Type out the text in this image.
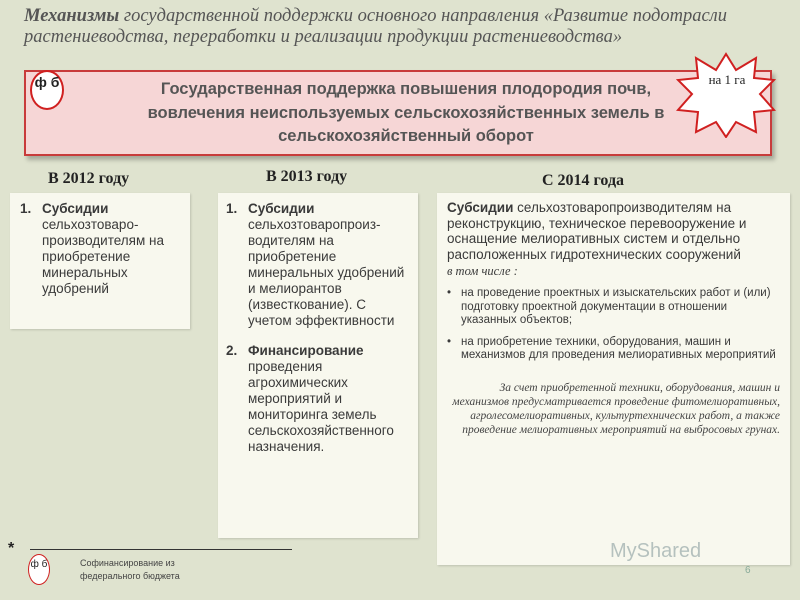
Механизмы государственной поддержки основного направления «Развитие подотрасли растениеводства, переработки и реализации продукции растениеводства»
Государственная поддержка повышения плодородия почв, вовлечения неиспользуемых сельскохозяйственных земель в сельскохозяйственный оборот
ф б	на 1 га
В 2012 году	В 2013 году	С 2014 года
1. Субсидии сельхозтоваро-производителям на приобретение минеральных удобрений
1. Субсидии сельхозтоваропроиз-водителям на приобретение минеральных удобрений и мелиорантов (известкование). С учетом эффективности
2. Финансирование проведения агрохимических мероприятий и мониторинга земель сельскохозяйственного назначения.
Субсидии сельхозтоваропроизводителям на реконструкцию, техническое перевооружение и оснащение мелиоративных систем и отдельно расположенных гидротехнических сооружений
в том числе :
• на проведение проектных и изыскательских работ и (или) подготовку проектной документации в отношении указанных объектов;
• на приобретение техники, оборудования, машин и механизмов для проведения мелиоративных мероприятий
За счет приобретенной техники, оборудования, машин и механизмов предусматривается проведение фитомелиоративных, агролесомелиоративных, культуртехнических работ, а также проведение мелиоративных мероприятий на выбросовых грунах.
*
ф б	Софинансирование из федерального бюджета
MyShared
6
